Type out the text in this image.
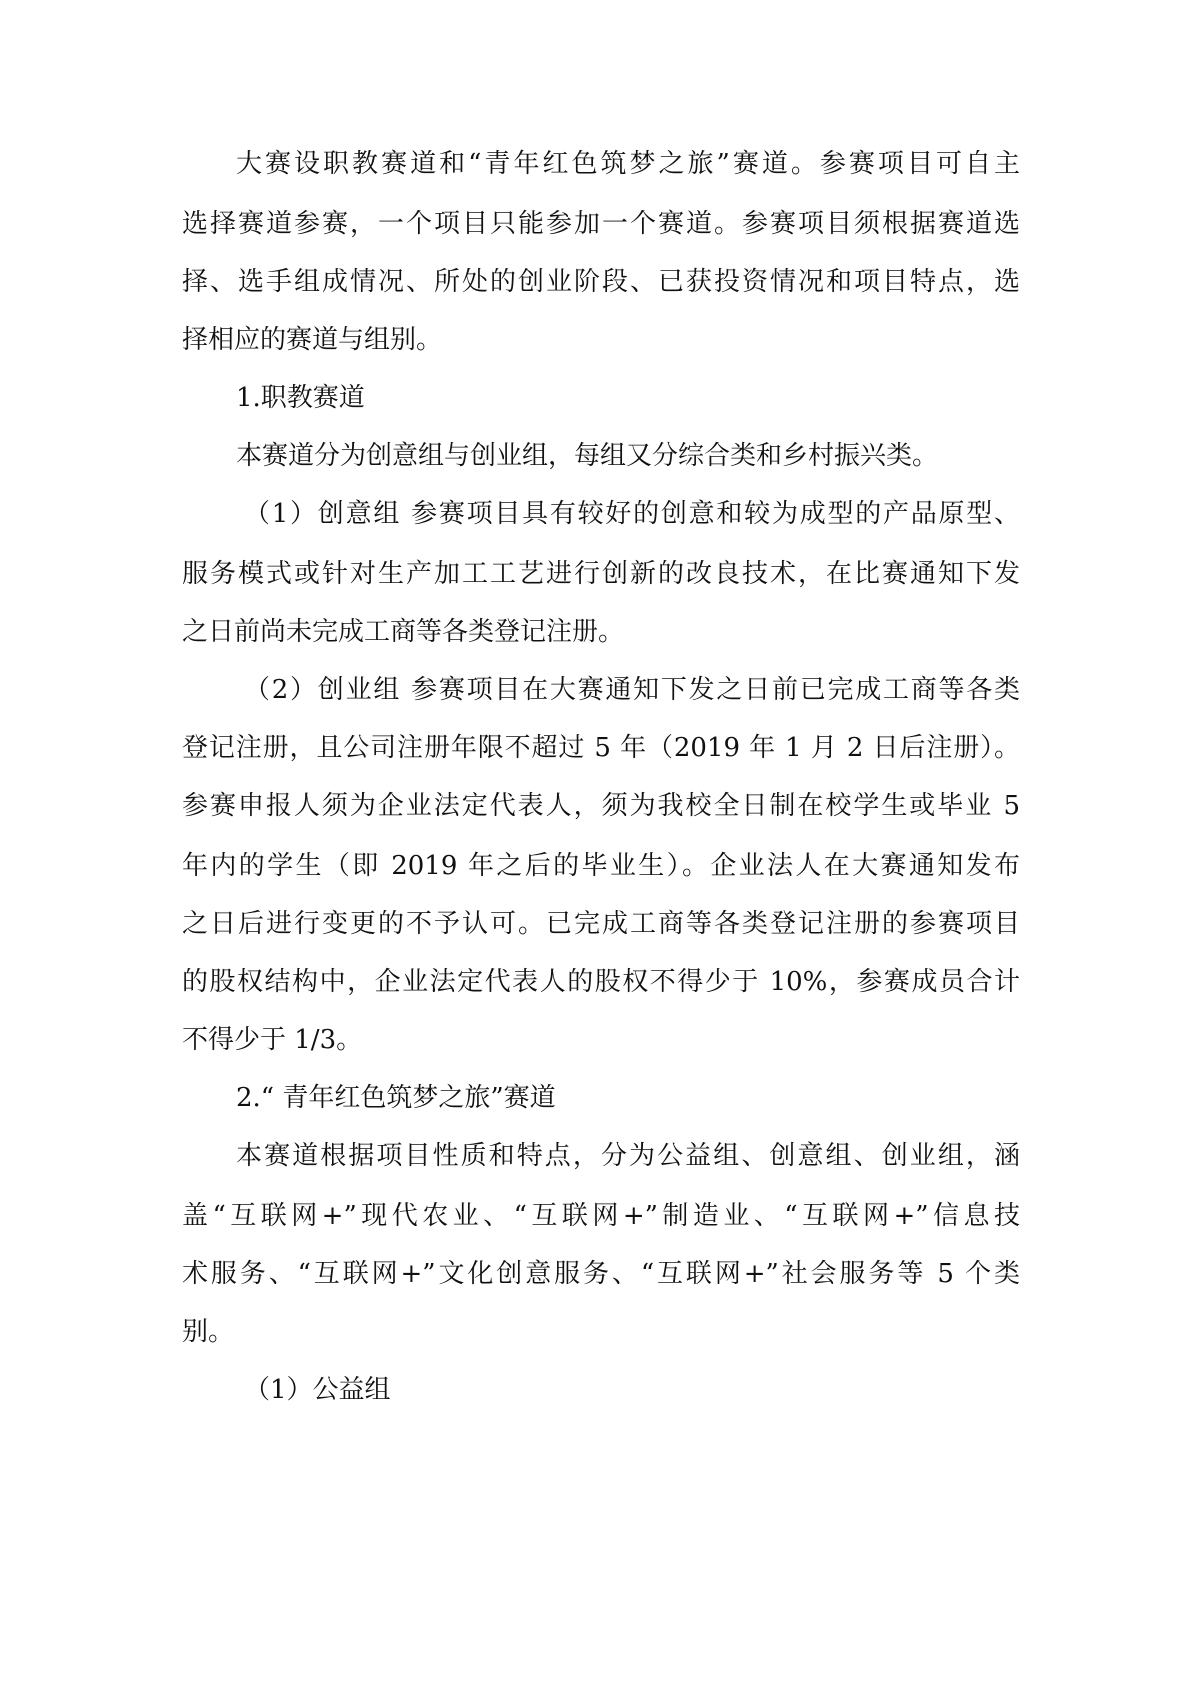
大赛设职教赛道和“青年红色筑梦之旅”赛道。参赛项目可自主

选择赛道参赛，一个项目只能参加一个赛道。参赛项目须根据赛道选

择、选手组成情况、所处的创业阶段、已获投资情况和项目特点，选

择相应的赛道与组别。

1.职教赛道

本赛道分为创意组与创业组，每组又分综合类和乡村振兴类。

（1）创意组 参赛项目具有较好的创意和较为成型的产品原型、

服务模式或针对生产加工工艺进行创新的改良技术，在比赛通知下发

之日前尚未完成工商等各类登记注册。

（2）创业组 参赛项目在大赛通知下发之日前已完成工商等各类

登记注册，且公司注册年限不超过 5 年（2019 年 1 月 2 日后注册）。

参赛申报人须为企业法定代表人，须为我校全日制在校学生或毕业 5

年内的学生（即 2019 年之后的毕业生）。企业法人在大赛通知发布

之日后进行变更的不予认可。已完成工商等各类登记注册的参赛项目

的股权结构中，企业法定代表人的股权不得少于 10%，参赛成员合计

不得少于 1/3。

2.“ 青年红色筑梦之旅”赛道

本赛道根据项目性质和特点，分为公益组、创意组、创业组，涵

盖“互联网+”现代农业、“互联网+”制造业、“互联网+”信息技

术服务、“互联网+”文化创意服务、“互联网+”社会服务等 5 个类

别。

（1）公益组
